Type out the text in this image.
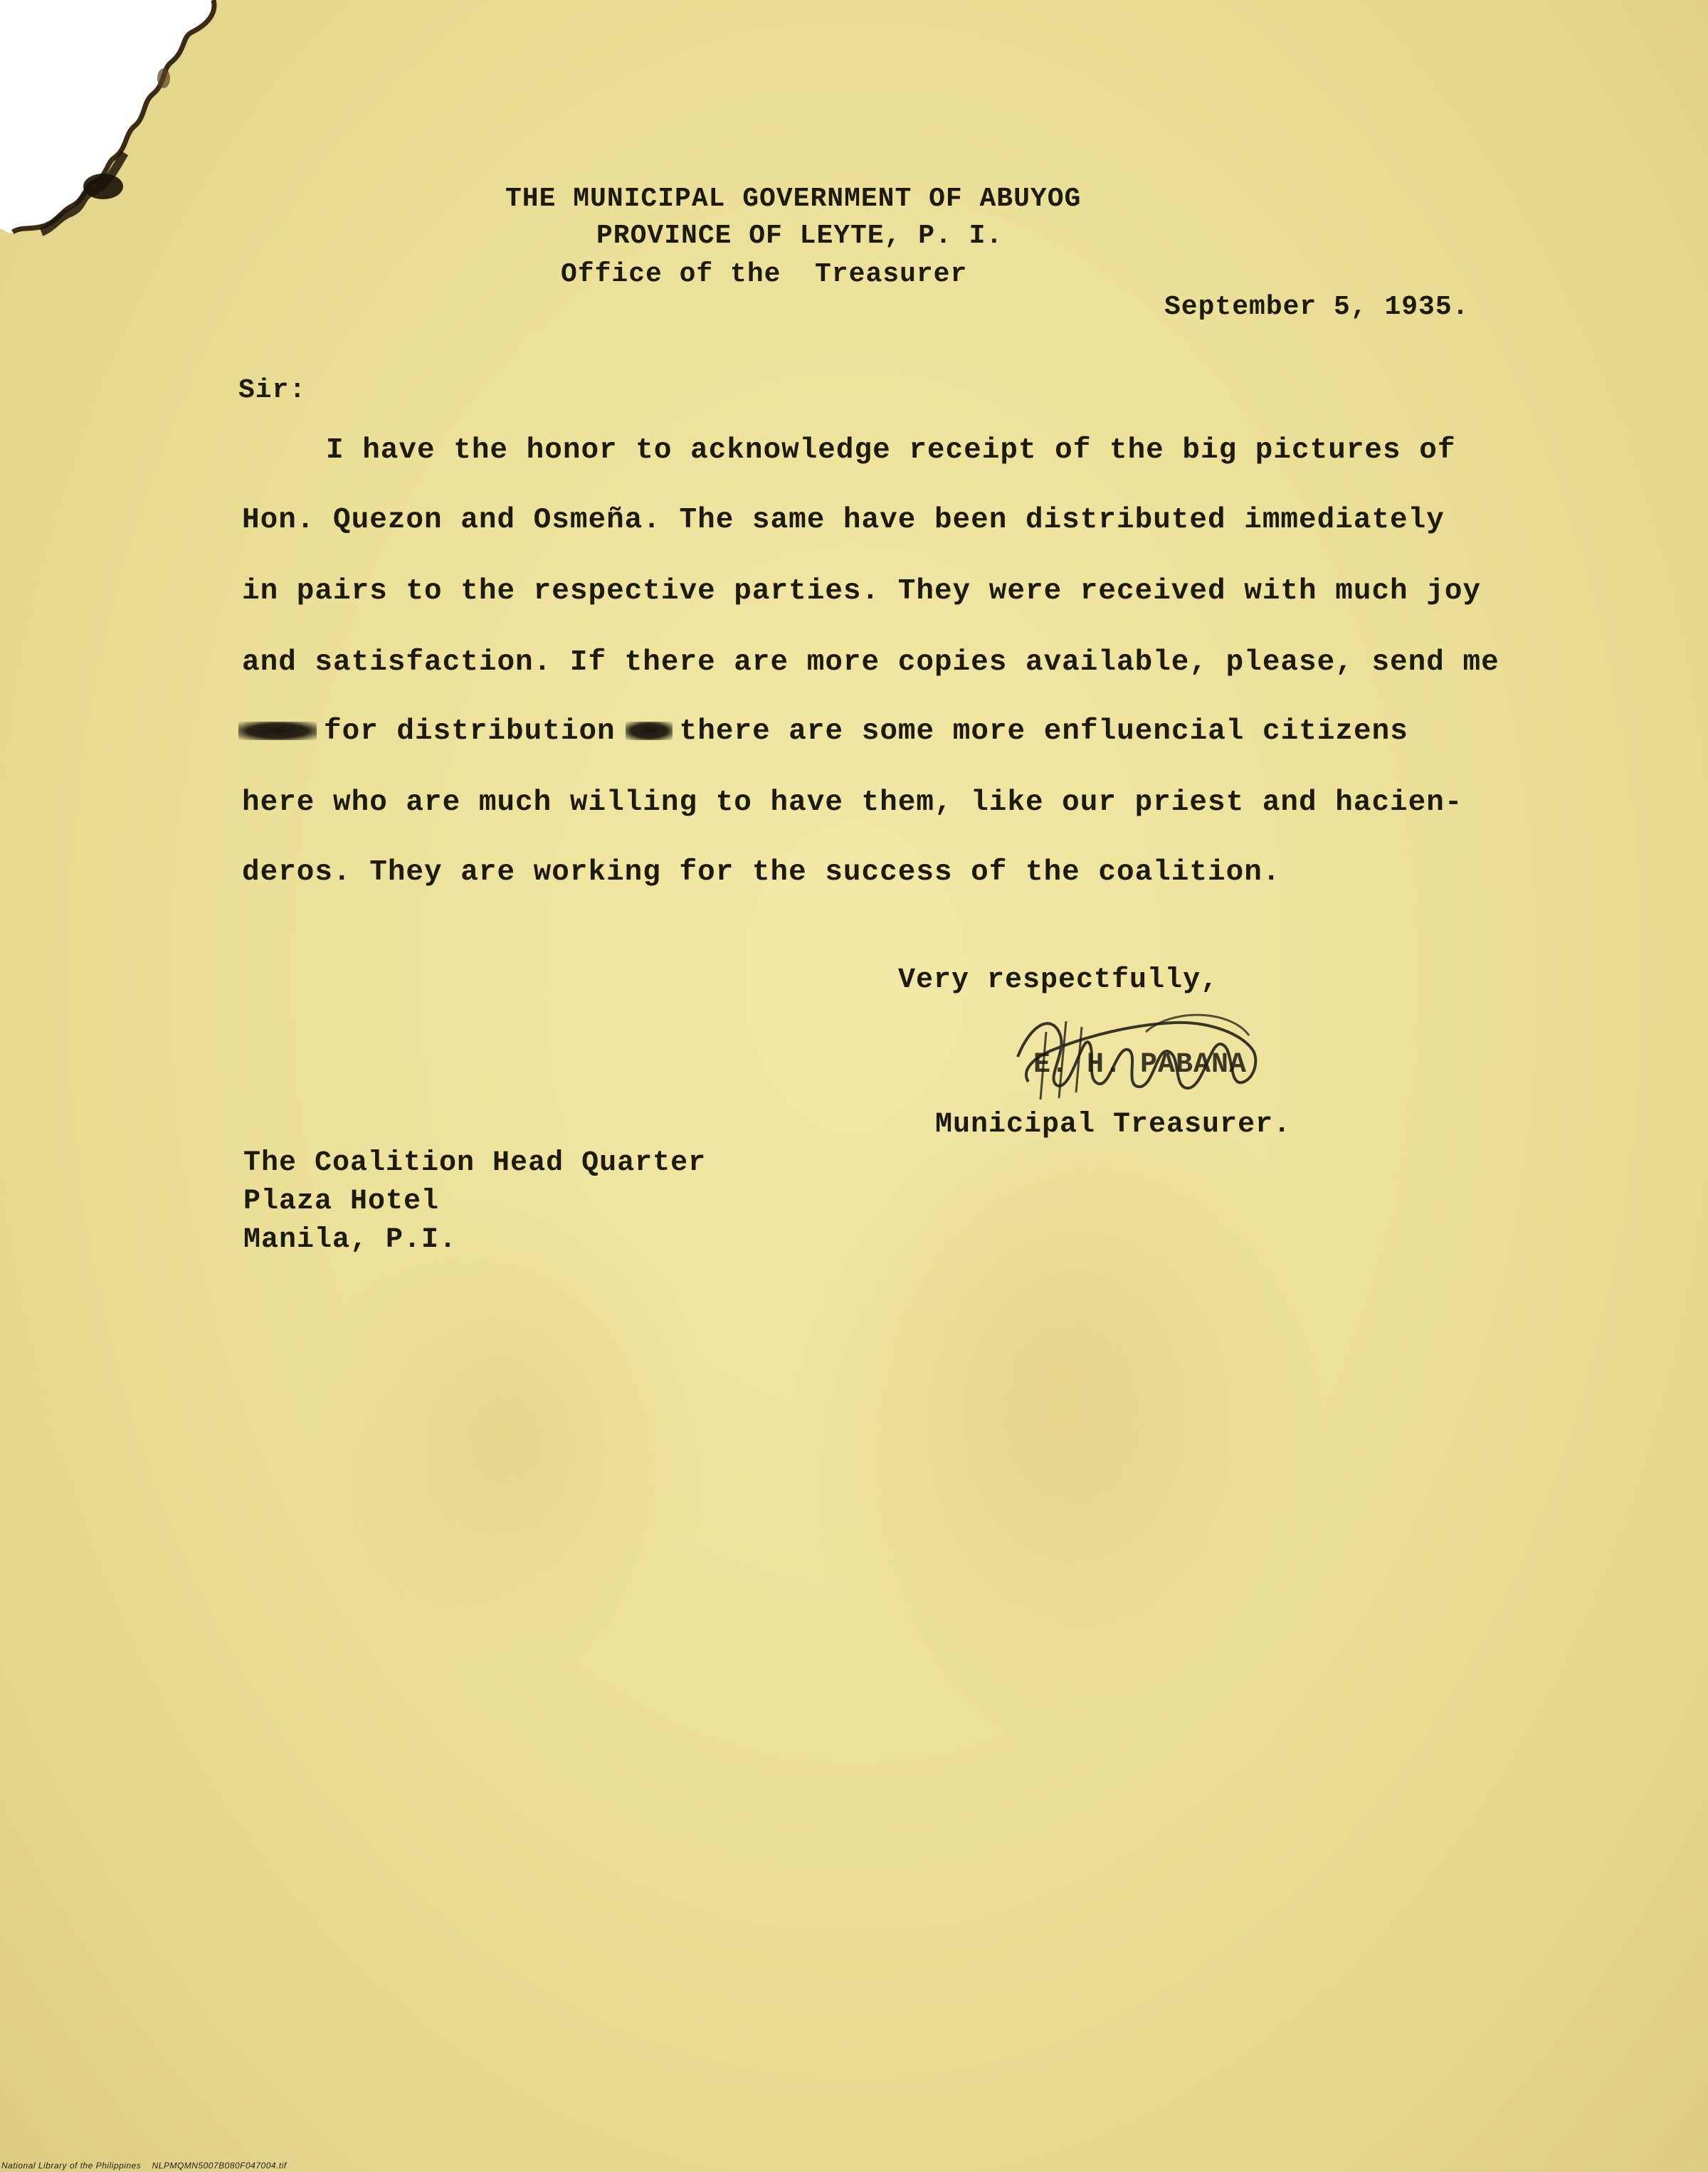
THE MUNICIPAL GOVERNMENT OF ABUYOG
PROVINCE OF LEYTE, P. I.
Office of the  Treasurer
September 5, 1935.
Sir:
I have the honor to acknowledge receipt of the big pictures of
Hon. Quezon and Osmeña. The same have been distributed immediately
in pairs to the respective parties. They were received with much joy
and satisfaction. If there are more copies available, please, send me
for distribution there are some more enfluencial citizens
here who are much willing to have them, like our priest and hacien-
deros. They are working for the success of the coalition.
Very respectfully,
E. H. PABANA
Municipal Treasurer.
The Coalition Head Quarter
Plaza Hotel
Manila, P.I.
National Library of the Philippines NLPMQMN5007B080F047004.tif
